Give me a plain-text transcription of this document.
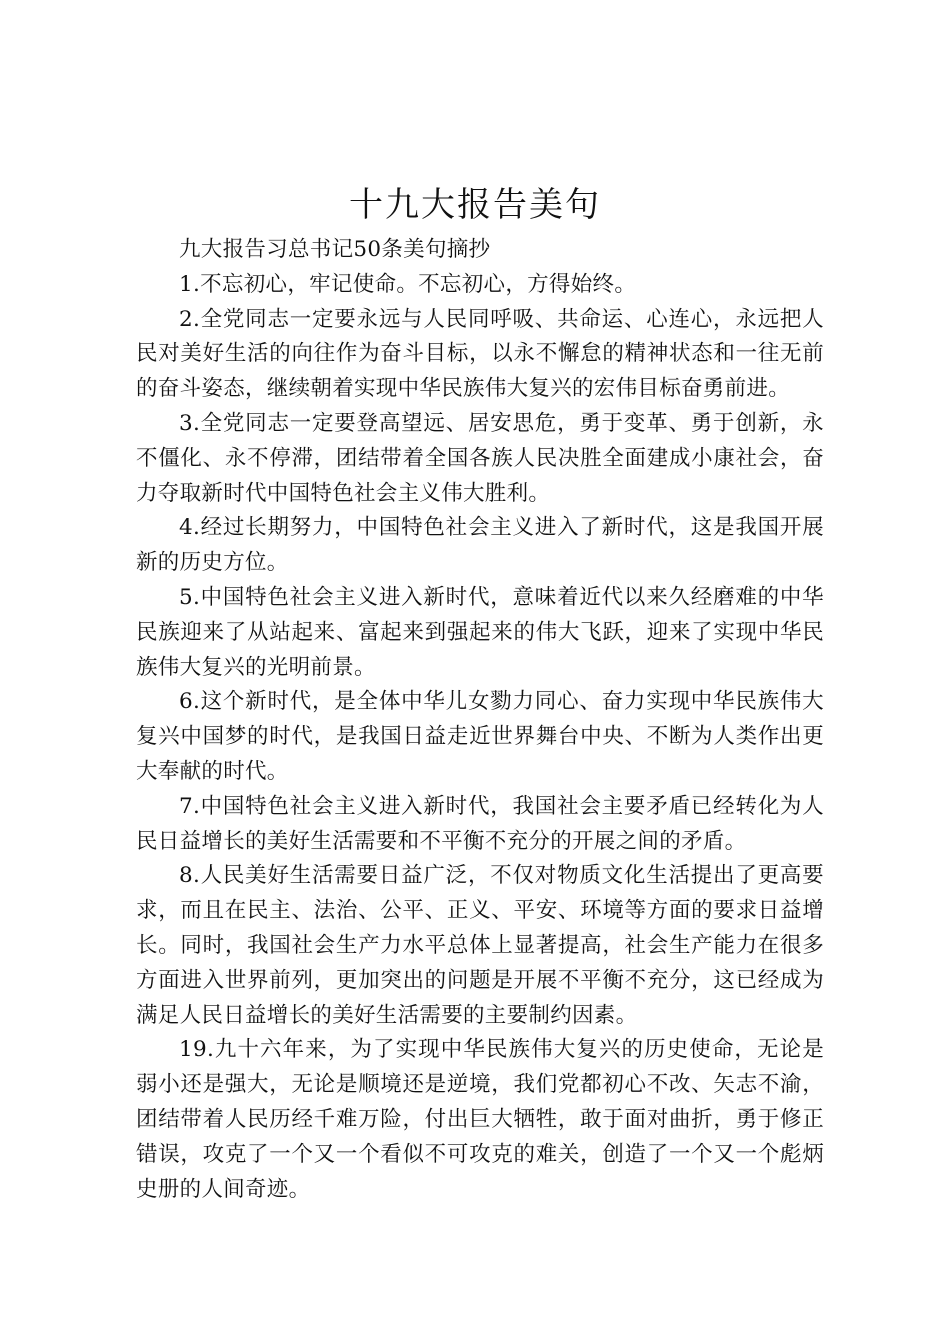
十九大报告美句

九大报告习总书记50条美句摘抄

1.不忘初心，牢记使命。不忘初心，方得始终。

2.全党同志一定要永远与人民同呼吸、共命运、心连心，永远把人民对美好生活的向往作为奋斗目标，以永不懈怠的精神状态和一往无前的奋斗姿态，继续朝着实现中华民族伟大复兴的宏伟目标奋勇前进。

3.全党同志一定要登高望远、居安思危，勇于变革、勇于创新，永不僵化、永不停滞，团结带着全国各族人民决胜全面建成小康社会，奋力夺取新时代中国特色社会主义伟大胜利。

4.经过长期努力，中国特色社会主义进入了新时代，这是我国开展新的历史方位。

5.中国特色社会主义进入新时代，意味着近代以来久经磨难的中华民族迎来了从站起来、富起来到强起来的伟大飞跃，迎来了实现中华民族伟大复兴的光明前景。

6.这个新时代，是全体中华儿女勠力同心、奋力实现中华民族伟大复兴中国梦的时代，是我国日益走近世界舞台中央、不断为人类作出更大奉献的时代。

7.中国特色社会主义进入新时代，我国社会主要矛盾已经转化为人民日益增长的美好生活需要和不平衡不充分的开展之间的矛盾。

8.人民美好生活需要日益广泛，不仅对物质文化生活提出了更高要求，而且在民主、法治、公平、正义、平安、环境等方面的要求日益增长。同时，我国社会生产力水平总体上显著提高，社会生产能力在很多方面进入世界前列，更加突出的问题是开展不平衡不充分，这已经成为满足人民日益增长的美好生活需要的主要制约因素。

19.九十六年来，为了实现中华民族伟大复兴的历史使命，无论是弱小还是强大，无论是顺境还是逆境，我们党都初心不改、矢志不渝，团结带着人民历经千难万险，付出巨大牺牲，敢于面对曲折，勇于修正错误，攻克了一个又一个看似不可攻克的难关，创造了一个又一个彪炳史册的人间奇迹。
